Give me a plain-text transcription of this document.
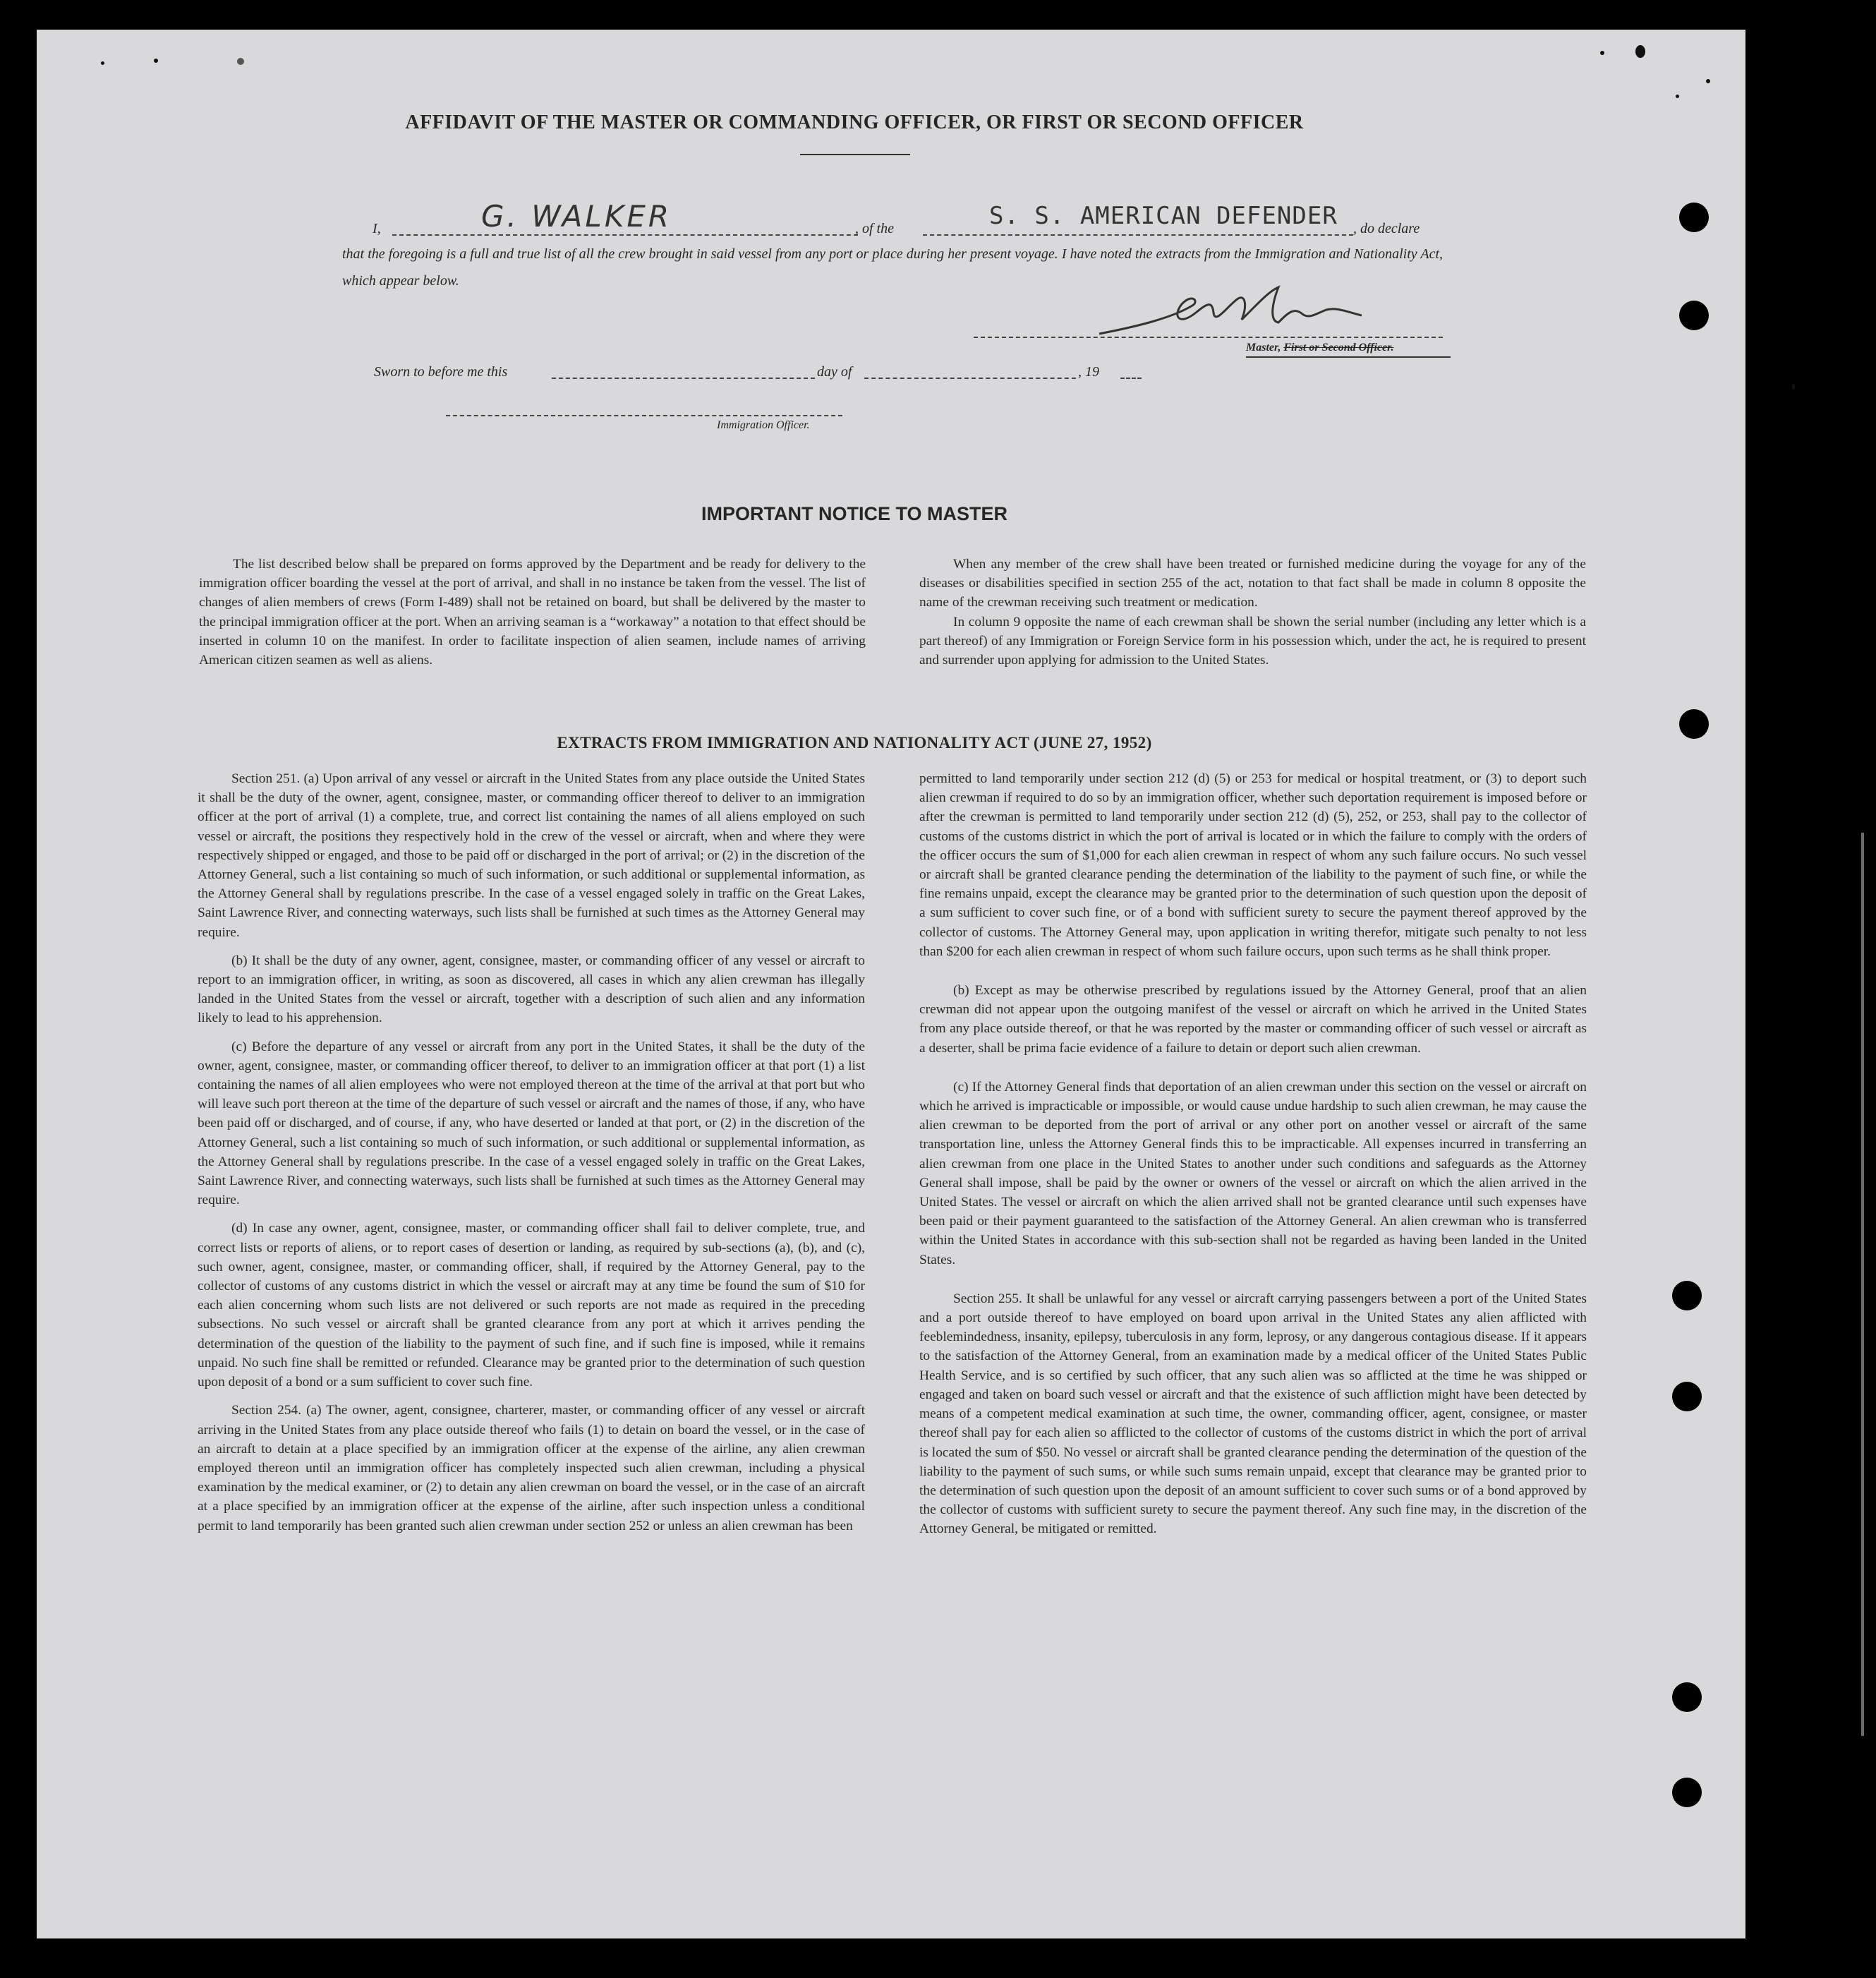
AFFIDAVIT OF THE MASTER OR COMMANDING OFFICER, OR FIRST OR SECOND OFFICER
I,	G. WALKER	, of the	S. S. AMERICAN DEFENDER , do declare
that the foregoing is a full and true list of all the crew brought in said vessel from any port or place during her present voyage. I have noted the extracts from the Immigration and Nationality Act, which appear below.
Master, First or Second Officer.
Sworn to before me this	day of	, 19
Immigration Officer.
IMPORTANT NOTICE TO MASTER

The list described below shall be prepared on forms approved by the Department and be ready for delivery to the immigration officer boarding the vessel at the port of arrival, and shall in no instance be taken from the vessel. The list of changes of alien members of crews (Form I-489) shall not be retained on board, but shall be delivered by the master to the principal immigration officer at the port. When an arriving seaman is a “workaway” a notation to that effect should be inserted in column 10 on the manifest. In order to facilitate inspection of alien seamen, include names of arriving American citizen seamen as well as aliens.

When any member of the crew shall have been treated or furnished medicine during the voyage for any of the diseases or disabilities specified in section 255 of the act, notation to that fact shall be made in column 8 opposite the name of the crewman receiving such treatment or medication.

In column 9 opposite the name of each crewman shall be shown the serial number (including any letter which is a part thereof) of any Immigration or Foreign Service form in his possession which, under the act, he is required to present and surrender upon applying for admission to the United States.

EXTRACTS FROM IMMIGRATION AND NATIONALITY ACT (JUNE 27, 1952)

Section 251. (a) Upon arrival of any vessel or aircraft in the United States from any place outside the United States it shall be the duty of the owner, agent, consignee, master, or commanding officer thereof to deliver to an immigration officer at the port of arrival (1) a complete, true, and correct list containing the names of all aliens employed on such vessel or aircraft, the positions they respectively hold in the crew of the vessel or aircraft, when and where they were respectively shipped or engaged, and those to be paid off or discharged in the port of arrival; or (2) in the discretion of the Attorney General, such a list containing so much of such information, or such additional or supplemental information, as the Attorney General shall by regulations prescribe. In the case of a vessel engaged solely in traffic on the Great Lakes, Saint Lawrence River, and connecting waterways, such lists shall be furnished at such times as the Attorney General may require.

(b) It shall be the duty of any owner, agent, consignee, master, or commanding officer of any vessel or aircraft to report to an immigration officer, in writing, as soon as discovered, all cases in which any alien crewman has illegally landed in the United States from the vessel or aircraft, together with a description of such alien and any information likely to lead to his apprehension.

(c) Before the departure of any vessel or aircraft from any port in the United States, it shall be the duty of the owner, agent, consignee, master, or commanding officer thereof, to deliver to an immigration officer at that port (1) a list containing the names of all alien employees who were not employed thereon at the time of the arrival at that port but who will leave such port thereon at the time of the departure of such vessel or aircraft and the names of those, if any, who have been paid off or discharged, and of course, if any, who have deserted or landed at that port, or (2) in the discretion of the Attorney General, such a list containing so much of such information, or such additional or supplemental information, as the Attorney General shall by regulations prescribe. In the case of a vessel engaged solely in traffic on the Great Lakes, Saint Lawrence River, and connecting waterways, such lists shall be furnished at such times as the Attorney General may require.

(d) In case any owner, agent, consignee, master, or commanding officer shall fail to deliver complete, true, and correct lists or reports of aliens, or to report cases of desertion or landing, as required by sub-sections (a), (b), and (c), such owner, agent, consignee, master, or commanding officer, shall, if required by the Attorney General, pay to the collector of customs of any customs district in which the vessel or aircraft may at any time be found the sum of $10 for each alien concerning whom such lists are not delivered or such reports are not made as required in the preceding subsections. No such vessel or aircraft shall be granted clearance from any port at which it arrives pending the determination of the question of the liability to the payment of such fine, and if such fine is imposed, while it remains unpaid. No such fine shall be remitted or refunded. Clearance may be granted prior to the determination of such question upon deposit of a bond or a sum sufficient to cover such fine.

Section 254. (a) The owner, agent, consignee, charterer, master, or commanding officer of any vessel or aircraft arriving in the United States from any place outside thereof who fails (1) to detain on board the vessel, or in the case of an aircraft to detain at a place specified by an immigration officer at the expense of the airline, any alien crewman employed thereon until an immigration officer has completely inspected such alien crewman, including a physical examination by the medical examiner, or (2) to detain any alien crewman on board the vessel, or in the case of an aircraft at a place specified by an immigration officer at the expense of the airline, after such inspection unless a conditional permit to land temporarily has been granted such alien crewman under section 252 or unless an alien crewman has been

permitted to land temporarily under section 212 (d) (5) or 253 for medical or hospital treatment, or (3) to deport such alien crewman if required to do so by an immigration officer, whether such deportation requirement is imposed before or after the crewman is permitted to land temporarily under section 212 (d) (5), 252, or 253, shall pay to the collector of customs of the customs district in which the port of arrival is located or in which the failure to comply with the orders of the officer occurs the sum of $1,000 for each alien crewman in respect of whom any such failure occurs. No such vessel or aircraft shall be granted clearance pending the determination of the liability to the payment of such fine, or while the fine remains unpaid, except the clearance may be granted prior to the determination of such question upon the deposit of a sum sufficient to cover such fine, or of a bond with sufficient surety to secure the payment thereof approved by the collector of customs. The Attorney General may, upon application in writing therefor, mitigate such penalty to not less than $200 for each alien crewman in respect of whom such failure occurs, upon such terms as he shall think proper.

(b) Except as may be otherwise prescribed by regulations issued by the Attorney General, proof that an alien crewman did not appear upon the outgoing manifest of the vessel or aircraft on which he arrived in the United States from any place outside thereof, or that he was reported by the master or commanding officer of such vessel or aircraft as a deserter, shall be prima facie evidence of a failure to detain or deport such alien crewman.

(c) If the Attorney General finds that deportation of an alien crewman under this section on the vessel or aircraft on which he arrived is impracticable or impossible, or would cause undue hardship to such alien crewman, he may cause the alien crewman to be deported from the port of arrival or any other port on another vessel or aircraft of the same transportation line, unless the Attorney General finds this to be impracticable. All expenses incurred in transferring an alien crewman from one place in the United States to another under such conditions and safeguards as the Attorney General shall impose, shall be paid by the owner or owners of the vessel or aircraft on which the alien arrived in the United States. The vessel or aircraft on which the alien arrived shall not be granted clearance until such expenses have been paid or their payment guaranteed to the satisfaction of the Attorney General. An alien crewman who is transferred within the United States in accordance with this sub-section shall not be regarded as having been landed in the United States.

Section 255. It shall be unlawful for any vessel or aircraft carrying passengers between a port of the United States and a port outside thereof to have employed on board upon arrival in the United States any alien afflicted with feeblemindedness, insanity, epilepsy, tuberculosis in any form, leprosy, or any dangerous contagious disease. If it appears to the satisfaction of the Attorney General, from an examination made by a medical officer of the United States Public Health Service, and is so certified by such officer, that any such alien was so afflicted at the time he was shipped or engaged and taken on board such vessel or aircraft and that the existence of such affliction might have been detected by means of a competent medical examination at such time, the owner, commanding officer, agent, consignee, or master thereof shall pay for each alien so afflicted to the collector of customs of the customs district in which the port of arrival is located the sum of $50. No vessel or aircraft shall be granted clearance pending the determination of the question of the liability to the payment of such sums, or while such sums remain unpaid, except that clearance may be granted prior to the determination of such question upon the deposit of an amount sufficient to cover such sums or of a bond approved by the collector of customs with sufficient surety to secure the payment thereof. Any such fine may, in the discretion of the Attorney General, be mitigated or remitted.
